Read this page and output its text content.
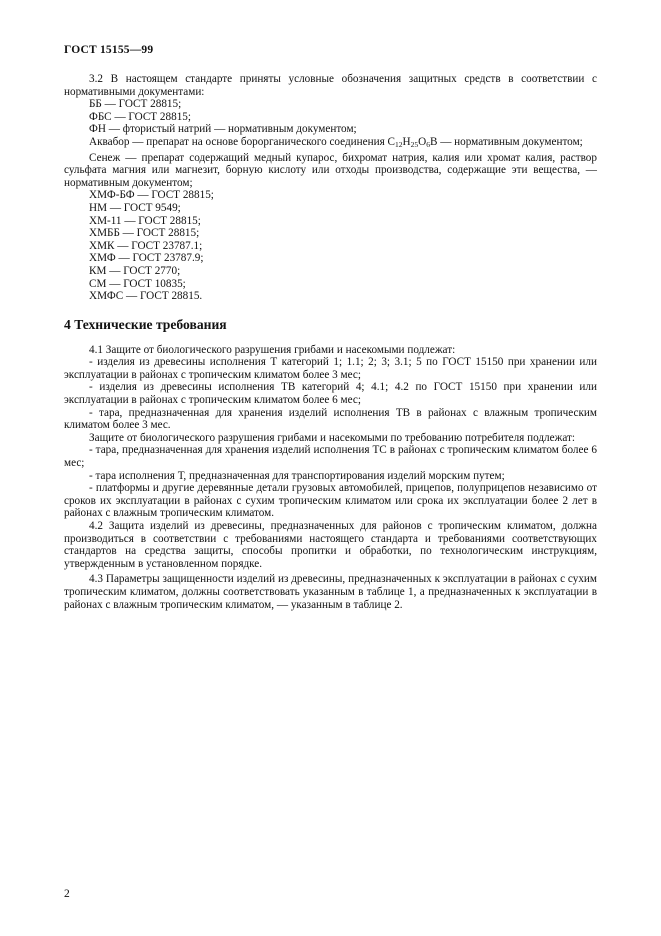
ГОСТ 15155—99

3.2 В настоящем стандарте приняты условные обозначения защитных средств в соответствии с нормативными документами:

ББ — ГОСТ 28815;

ФБС — ГОСТ 28815;

ФН — фтористый натрий — нормативным документом;

Аквабор — препарат на основе борорганического соединения $C_{12}H_{25}O_6B$ — нормативным документом;

Сенеж — препарат содержащий медный купарос, бихромат натрия, калия или хромат калия, раствор сульфата магния или магнезит, борную кислоту или отходы производства, содержащие эти вещества, — нормативным документом;

ХМФ-БФ — ГОСТ 28815;

НМ — ГОСТ 9549;

ХМ-11 — ГОСТ 28815;

ХМББ — ГОСТ 28815;

ХМК — ГОСТ 23787.1;

ХМФ — ГОСТ 23787.9;

КМ — ГОСТ 2770;

СМ — ГОСТ 10835;

ХМФС — ГОСТ 28815.

4 Технические требования

4.1 Защите от биологического разрушения грибами и насекомыми подлежат:

- изделия из древесины исполнения Т категорий 1; 1.1; 2; 3; 3.1; 5 по ГОСТ 15150 при хранении или эксплуатации в районах с тропическим климатом более 3 мес;

- изделия из древесины исполнения ТВ категорий 4; 4.1; 4.2 по ГОСТ 15150 при хранении или эксплуатации в районах с тропическим климатом более 6 мес;

- тара, предназначенная для хранения изделий исполнения ТВ в районах с влажным тропическим климатом более 3 мес.

Защите от биологического разрушения грибами и насекомыми по требованию потребителя подлежат:

- тара, предназначенная для хранения изделий исполнения ТС в районах с тропическим климатом более 6 мес;

- тара исполнения Т, предназначенная для транспортирования изделий морским путем;

- платформы и другие деревянные детали грузовых автомобилей, прицепов, полуприцепов независимо от сроков их эксплуатации в районах с сухим тропическим климатом или срока их эксплуатации более 2 лет в районах с влажным тропическим климатом.

4.2 Защита изделий из древесины, предназначенных для районов с тропическим климатом, должна производиться в соответствии с требованиями настоящего стандарта и требованиями соответствующих стандартов на средства защиты, способы пропитки и обработки, по технологическим инструкциям, утвержденным в установленном порядке.

4.3 Параметры защищенности изделий из древесины, предназначенных к эксплуатации в районах с сухим тропическим климатом, должны соответствовать указанным в таблице 1, а предназначенных к эксплуатации в районах с влажным тропическим климатом, — указанным в таблице 2.

2
